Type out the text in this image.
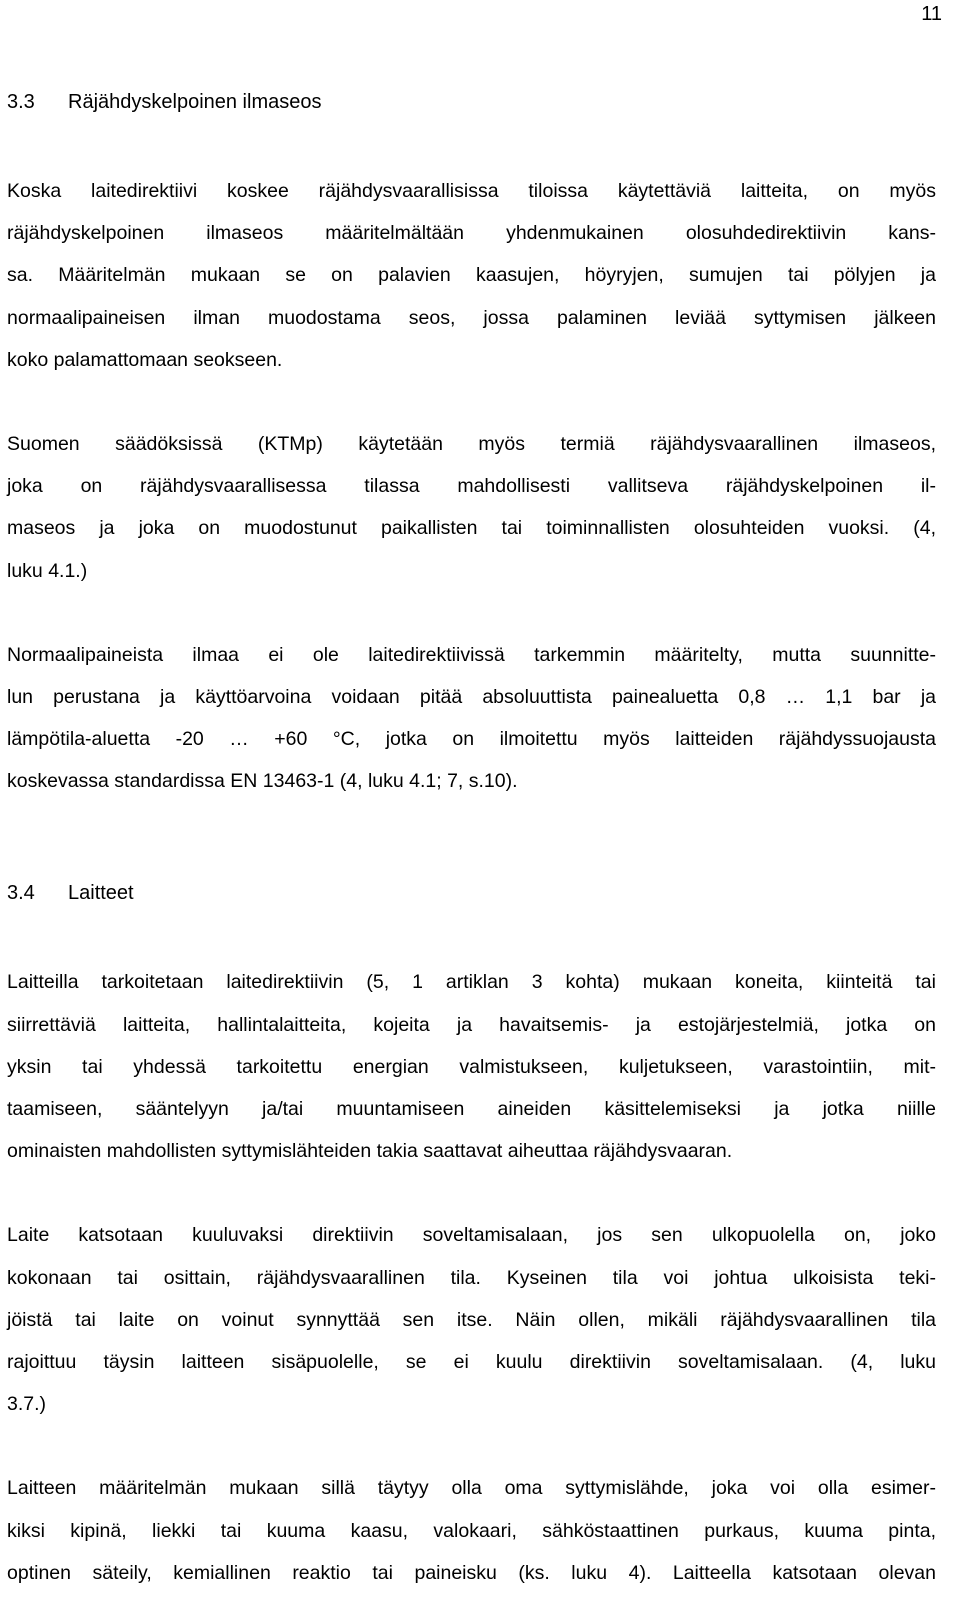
11
3.3 Räjähdyskelpoinen ilmaseos
Koska laitedirektiivi koskee räjähdysvaarallisissa tiloissa käytettäviä laitteita, on myös
räjähdyskelpoinen ilmaseos määritelmältään yhdenmukainen olosuhdedirektiivin kans-
sa. Määritelmän mukaan se on palavien kaasujen, höyryjen, sumujen tai pölyjen ja
normaalipaineisen ilman muodostama seos, jossa palaminen leviää syttymisen jälkeen
koko palamattomaan seokseen.
Suomen säädöksissä (KTMp) käytetään myös termiä räjähdysvaarallinen ilmaseos,
joka on räjähdysvaarallisessa tilassa mahdollisesti vallitseva räjähdyskelpoinen il-
maseos ja joka on muodostunut paikallisten tai toiminnallisten olosuhteiden vuoksi. (4,
luku 4.1.)
Normaalipaineista ilmaa ei ole laitedirektiivissä tarkemmin määritelty, mutta suunnitte-
lun perustana ja käyttöarvoina voidaan pitää absoluuttista painealuetta 0,8 … 1,1 bar ja
lämpötila-aluetta -20 … +60 °C, jotka on ilmoitettu myös laitteiden räjähdyssuojausta
koskevassa standardissa EN 13463-1 (4, luku 4.1; 7, s.10).
3.4 Laitteet
Laitteilla tarkoitetaan laitedirektiivin (5, 1 artiklan 3 kohta) mukaan koneita, kiinteitä tai
siirrettäviä laitteita, hallintalaitteita, kojeita ja havaitsemis- ja estojärjestelmiä, jotka on
yksin tai yhdessä tarkoitettu energian valmistukseen, kuljetukseen, varastointiin, mit-
taamiseen, sääntelyyn ja/tai muuntamiseen aineiden käsittelemiseksi ja jotka niille
ominaisten mahdollisten syttymislähteiden takia saattavat aiheuttaa räjähdysvaaran.
Laite katsotaan kuuluvaksi direktiivin soveltamisalaan, jos sen ulkopuolella on, joko
kokonaan tai osittain, räjähdysvaarallinen tila. Kyseinen tila voi johtua ulkoisista teki-
jöistä tai laite on voinut synnyttää sen itse. Näin ollen, mikäli räjähdysvaarallinen tila
rajoittuu täysin laitteen sisäpuolelle, se ei kuulu direktiivin soveltamisalaan. (4, luku
3.7.)
Laitteen määritelmän mukaan sillä täytyy olla oma syttymislähde, joka voi olla esimer-
kiksi kipinä, liekki tai kuuma kaasu, valokaari, sähköstaattinen purkaus, kuuma pinta,
optinen säteily, kemiallinen reaktio tai paineisku (ks. luku 4). Laitteella katsotaan olevan
